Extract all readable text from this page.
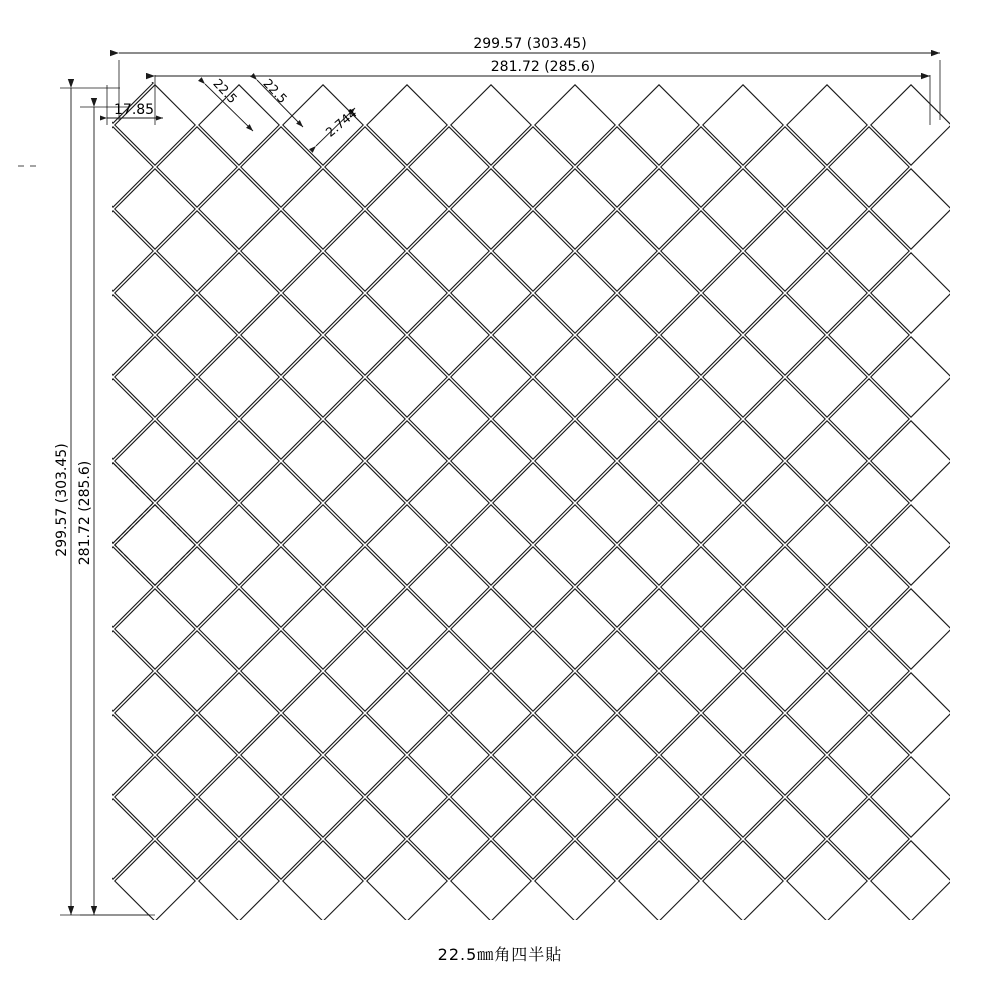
299.57 (303.45)
281.72 (285.6)
299.57 (303.45) 281.72 (285.6)
17.85
22.5 22.5
2.744
22.5㎜角四半貼
